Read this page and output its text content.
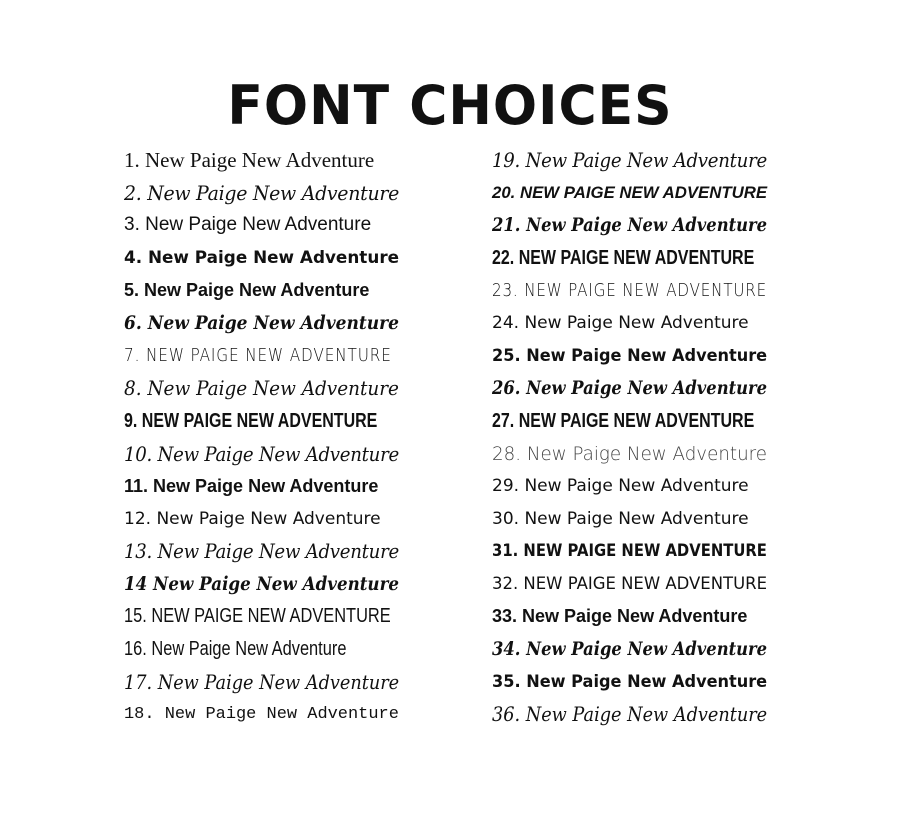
FONT CHOICES
1. New Paige New Adventure
2. New Paige New Adventure
3. New Paige New Adventure
4. New Paige New Adventure
5. New Paige New Adventure
6. New Paige New Adventure
7. NEW PAIGE NEW ADVENTURE
8. New Paige New Adventure
9. NEW PAIGE NEW ADVENTURE
10. New Paige New Adventure
11. New Paige New Adventure
12. New Paige New Adventure
13. New Paige New Adventure
14 New Paige New Adventure
15. NEW PAIGE NEW ADVENTURE
16. New Paige New Adventure
17. New Paige New Adventure
18. New Paige New Adventure
19. New Paige New Adventure
20. NEW PAIGE NEW ADVENTURE
21. New Paige New Adventure
22. NEW PAIGE NEW ADVENTURE
23. NEW PAIGE NEW ADVENTURE
24. New Paige New Adventure
25. New Paige New Adventure
26. New Paige New Adventure
27. NEW PAIGE NEW ADVENTURE
28. New Paige New Adventure
29. New Paige New Adventure
30. New Paige New Adventure
31. NEW PAIGE NEW ADVENTURE
32. NEW PAIGE NEW ADVENTURE
33. New Paige New Adventure
34. New Paige New Adventure
35. New Paige New Adventure
36. New Paige New Adventure
